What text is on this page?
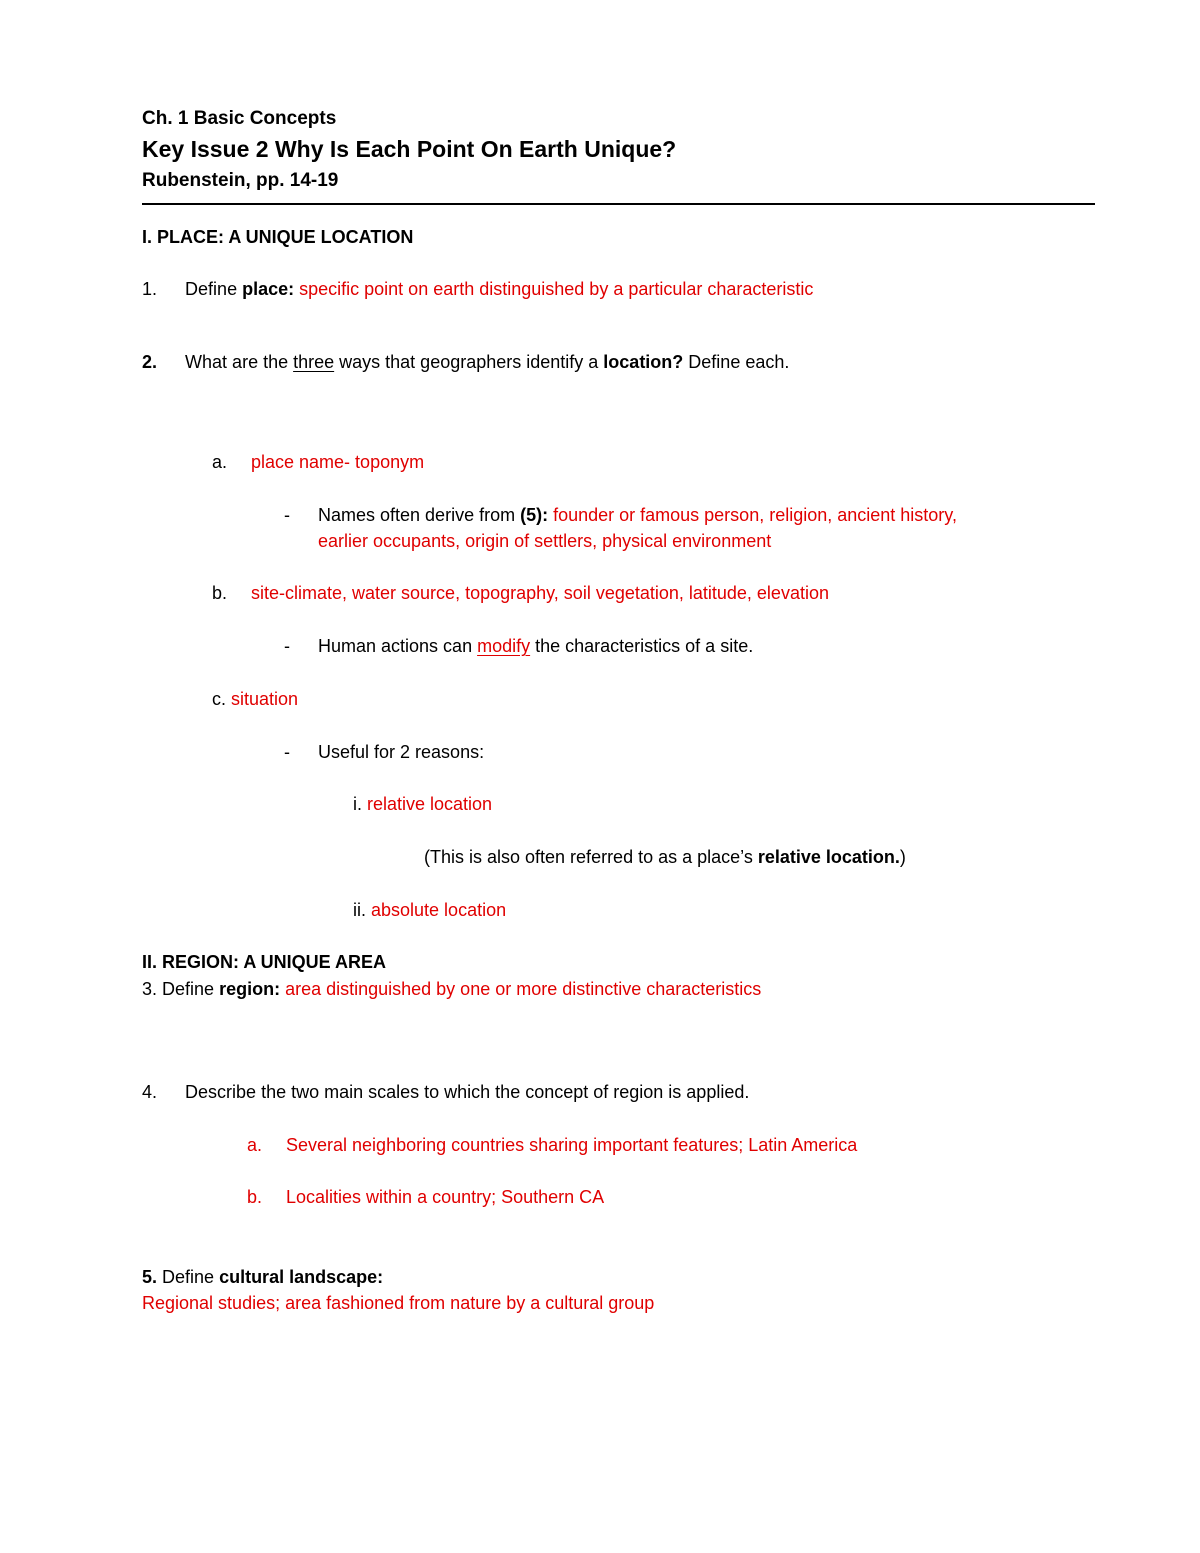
Ch. 1 Basic Concepts
Key Issue 2 Why Is Each Point On Earth Unique?
Rubenstein, pp. 14-19
I. PLACE: A UNIQUE LOCATION
1. Define place: specific point on earth distinguished by a particular characteristic
2. What are the three ways that geographers identify a location? Define each.
a. place name- toponym
- Names often derive from (5): founder or famous person, religion, ancient history,
earlier occupants, origin of settlers, physical environment
b. site-climate, water source, topography, soil vegetation, latitude, elevation
- Human actions can modify the characteristics of a site.
c. situation
- Useful for 2 reasons:
i. relative location
(This is also often referred to as a place’s relative location.)
ii. absolute location
II. REGION: A UNIQUE AREA
3. Define region: area distinguished by one or more distinctive characteristics
4. Describe the two main scales to which the concept of region is applied.
a. Several neighboring countries sharing important features; Latin America
b. Localities within a country; Southern CA
5. Define cultural landscape:
Regional studies; area fashioned from nature by a cultural group
